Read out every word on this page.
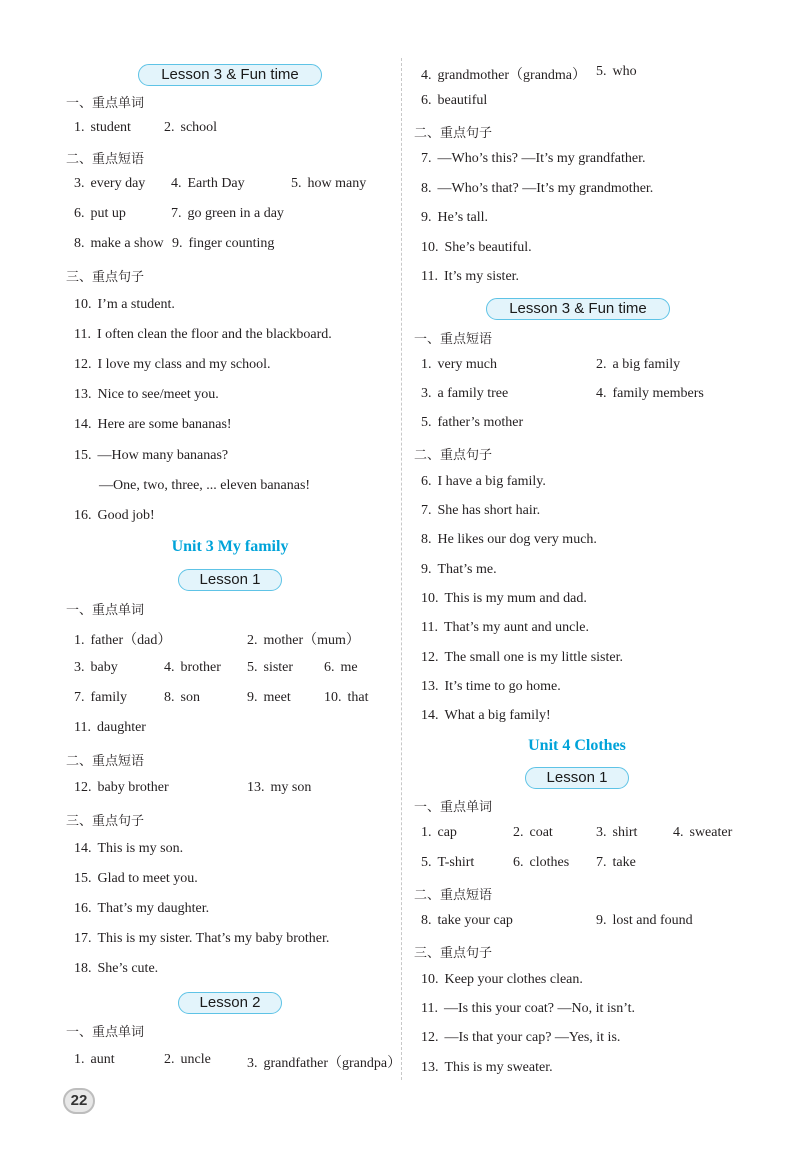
Lesson 3 & Fun time
一、重点单词
1. student 2. school
二、重点短语
3. every day 4. Earth Day	5. how many
6. put up	7. go green in a day
8. make a show 9. finger counting
三、重点句子
10. I’m a student.
11. I often clean the floor and the blackboard.
12. I love my class and my school.
13. Nice to see/meet you.
14. Here are some bananas!
15. —How many bananas?
—One, two, three, ... eleven bananas!
16. Good job!
Unit 3 My family
Lesson 1
一、重点单词
1. father（dad）	2. mother（mum）
3. baby	4. brother 5. sister 6. me
7. family	8. son	9. meet 10. that
11. daughter
二、重点短语
12. baby brother	13. my son
三、重点句子
14. This is my son.
15. Glad to meet you.
16. That’s my daughter.
17. This is my sister. That’s my baby brother.
18. She’s cute.
Lesson 2
一、重点单词
1. aunt	2. uncle	3. grandfather（grandpa）
4. grandmother（grandma） 5. who
6. beautiful
二、重点句子
7. —Who’s this? —It’s my grandfather.
8. —Who’s that? —It’s my grandmother.
9. He’s tall.
10. She’s beautiful.
11. It’s my sister.
Lesson 3 & Fun time
一、重点短语
1. very much	2. a big family
3. a family tree	4. family members
5. father’s mother
二、重点句子
6. I have a big family.
7. She has short hair.
8. He likes our dog very much.
9. That’s me.
10. This is my mum and dad.
11. That’s my aunt and uncle.
12. The small one is my little sister.
13. It’s time to go home.
14. What a big family!
Unit 4 Clothes
Lesson 1
一、重点单词
1. cap	2. coat	3. shirt	4. sweater
5. T-shirt	6. clothes 7. take
二、重点短语
8. take your cap	9. lost and found
三、重点句子
10. Keep your clothes clean.
11. —Is this your coat? —No, it isn’t.
12. —Is that your cap? —Yes, it is.
13. This is my sweater.
22
